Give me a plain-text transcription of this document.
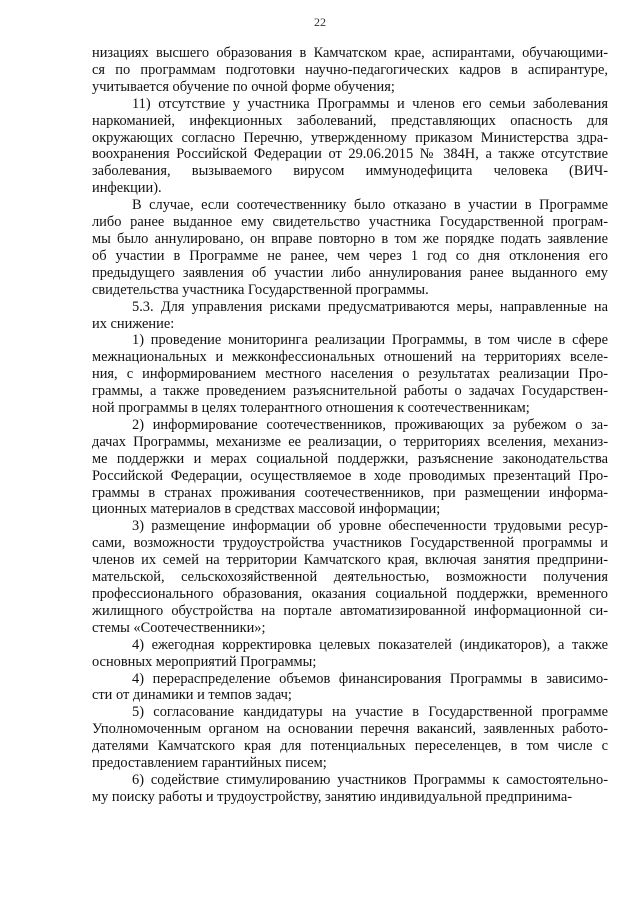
22

низациях высшего образования в Камчатском крае, аспирантами, обучающими-
ся по программам подготовки научно-педагогических кадров в аспирантуре,
учитывается обучение по очной форме обучения;

11) отсутствие у участника Программы и членов его семьи заболевания
наркоманией, инфекционных заболеваний, представляющих опасность для
окружающих согласно Перечню, утвержденному приказом Министерства здра-
воохранения Российской Федерации от 29.06.2015 № 384Н, а также отсутствие
заболевания, вызываемого вирусом иммунодефицита человека (ВИЧ-
инфекции).

В случае, если соотечественнику было отказано в участии в Программе
либо ранее выданное ему свидетельство участника Государственной програм-
мы было аннулировано, он вправе повторно в том же порядке подать заявление
об участии в Программе не ранее, чем через 1 год со дня отклонения его
предыдущего заявления об участии либо аннулирования ранее выданного ему
свидетельства участника Государственной программы.

5.3. Для управления рисками предусматриваются меры, направленные на
их снижение:

1) проведение мониторинга реализации Программы, в том числе в сфере
межнациональных и межконфессиональных отношений на территориях вселе-
ния, с информированием местного населения о результатах реализации Про-
граммы, а также проведением разъяснительной работы о задачах Государствен-
ной программы в целях толерантного отношения к соотечественникам;

2) информирование соотечественников, проживающих за рубежом о за-
дачах Программы, механизме ее реализации, о территориях вселения, механиз-
ме поддержки и мерах социальной поддержки, разъяснение законодательства
Российской Федерации, осуществляемое в ходе проводимых презентаций Про-
граммы в странах проживания соотечественников, при размещении информа-
ционных материалов в средствах массовой информации;

3) размещение информации об уровне обеспеченности трудовыми ресур-
сами, возможности трудоустройства участников Государственной программы и
членов их семей на территории Камчатского края, включая занятия предприни-
мательской, сельскохозяйственной деятельностью, возможности получения
профессионального образования, оказания социальной поддержки, временного
жилищного обустройства на портале автоматизированной информационной си-
стемы «Соотечественники»;

4) ежегодная корректировка целевых показателей (индикаторов), а также
основных мероприятий Программы;

4) перераспределение объемов финансирования Программы в зависимо-
сти от динамики и темпов задач;

5) согласование кандидатуры на участие в Государственной программе
Уполномоченным органом на основании перечня вакансий, заявленных работо-
дателями Камчатского края для потенциальных переселенцев, в том числе с
предоставлением гарантийных писем;

6) содействие стимулированию участников Программы к самостоятельно-
му поиску работы и трудоустройству, занятию индивидуальной предпринима-
